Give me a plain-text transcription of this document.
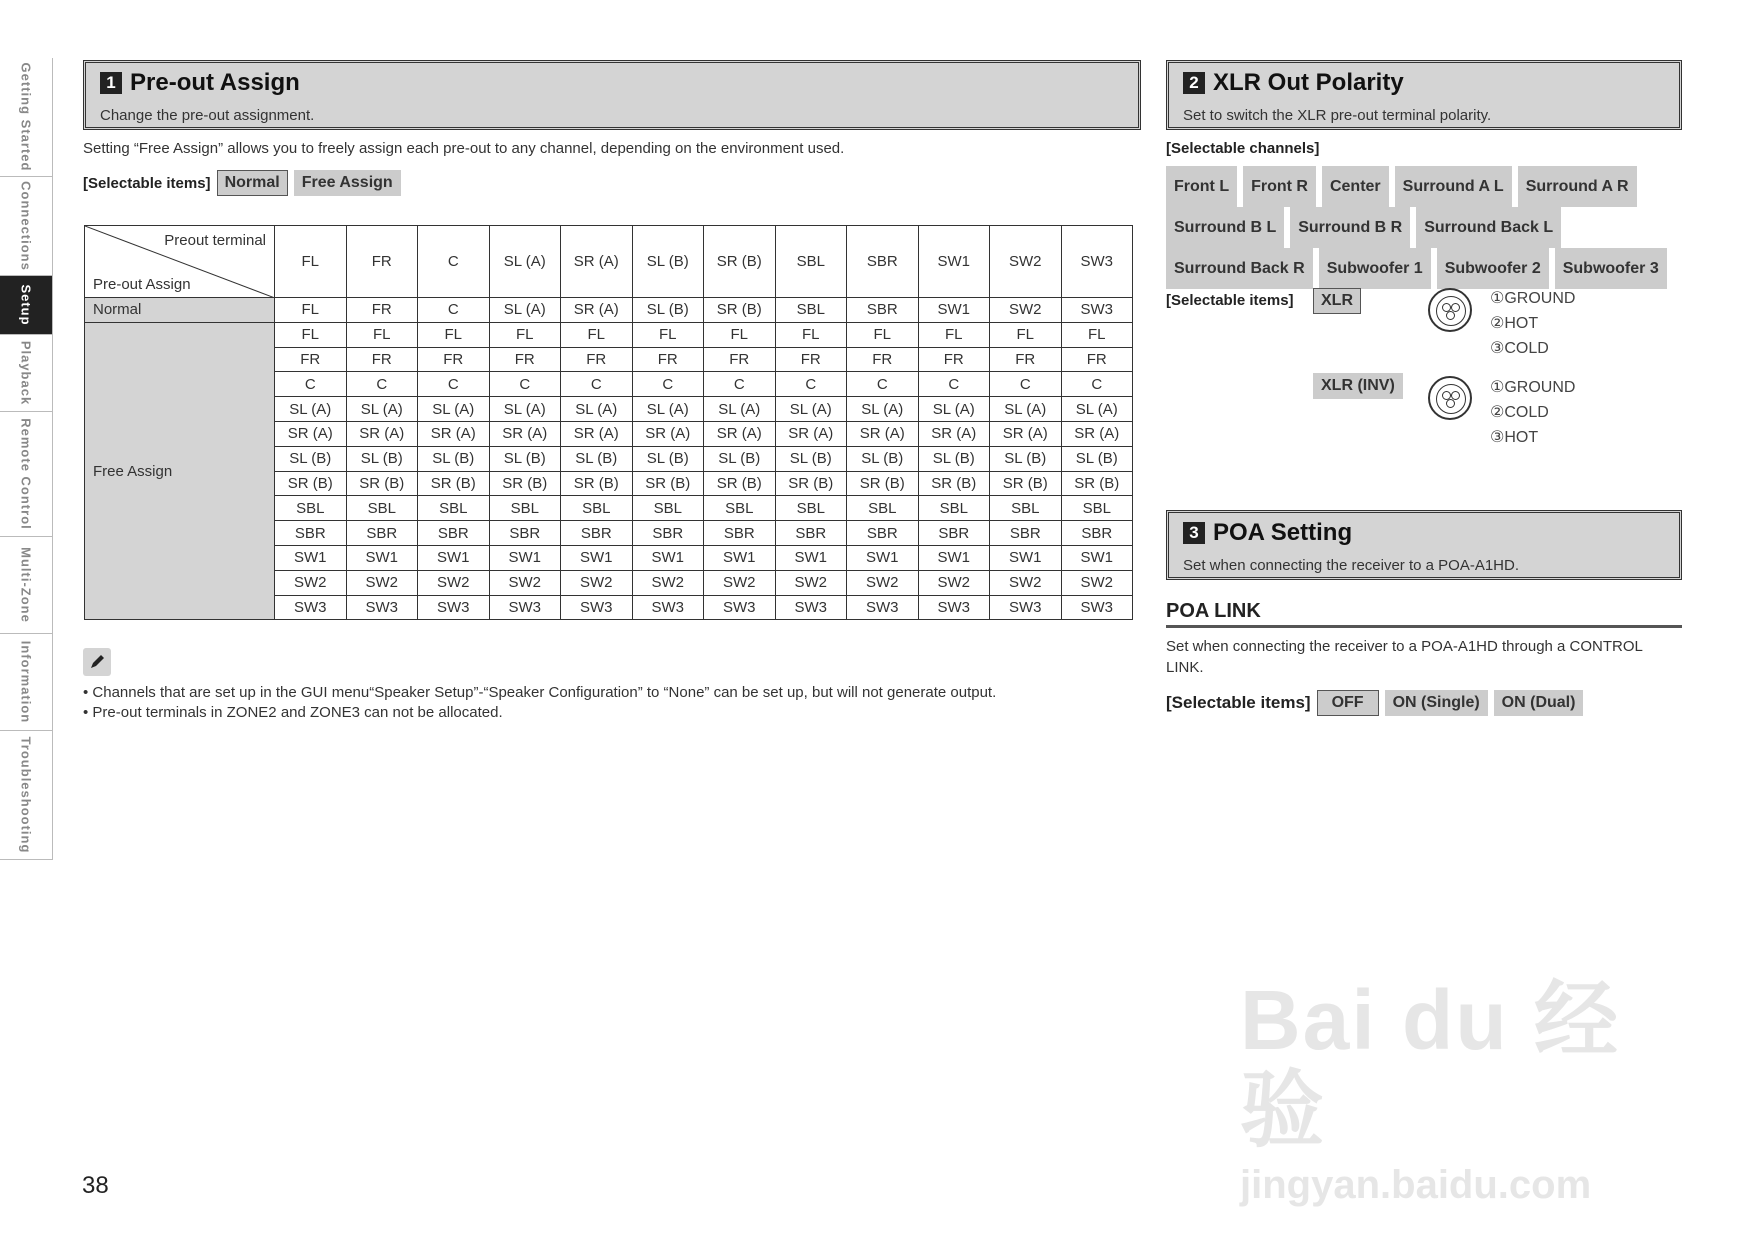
Getting Started
Connections
Setup
Playback
Remote Control
Multi-Zone
Information
Troubleshooting
1 Pre-out Assign
Change the pre-out assignment.
Setting “Free Assign” allows you to freely assign each pre-out to any channel, depending on the environment used.
[Selectable items] Normal	Free Assign
Preout terminal
Pre-out Assign	FL	FR	C	SL (A)	SR (A)	SL (B)	SR (B)	SBL	SBR	SW1	SW2	SW3
Normal	FL	FR	C	SL (A)	SR (A)	SL (B)	SR (B)	SBL	SBR	SW1	SW2	SW3
Free Assign	FL	FL	FL	FL	FL	FL	FL	FL	FL	FL	FL	FL
	FR	FR	FR	FR	FR	FR	FR	FR	FR	FR	FR	FR
	C	C	C	C	C	C	C	C	C	C	C	C
	SL (A)	SL (A)	SL (A)	SL (A)	SL (A)	SL (A)	SL (A)	SL (A)	SL (A)	SL (A)	SL (A)	SL (A)
	SR (A)	SR (A)	SR (A)	SR (A)	SR (A)	SR (A)	SR (A)	SR (A)	SR (A)	SR (A)	SR (A)	SR (A)
	SL (B)	SL (B)	SL (B)	SL (B)	SL (B)	SL (B)	SL (B)	SL (B)	SL (B)	SL (B)	SL (B)	SL (B)
	SR (B)	SR (B)	SR (B)	SR (B)	SR (B)	SR (B)	SR (B)	SR (B)	SR (B)	SR (B)	SR (B)	SR (B)
	SBL	SBL	SBL	SBL	SBL	SBL	SBL	SBL	SBL	SBL	SBL	SBL
	SBR	SBR	SBR	SBR	SBR	SBR	SBR	SBR	SBR	SBR	SBR	SBR
	SW1	SW1	SW1	SW1	SW1	SW1	SW1	SW1	SW1	SW1	SW1	SW1
	SW2	SW2	SW2	SW2	SW2	SW2	SW2	SW2	SW2	SW2	SW2	SW2
	SW3	SW3	SW3	SW3	SW3	SW3	SW3	SW3	SW3	SW3	SW3	SW3
• Channels that are set up in the GUI menu“Speaker Setup”-“Speaker Configuration” to “None” can be set up, but will not generate output.
• Pre-out terminals in ZONE2 and ZONE3 can not be allocated.
2 XLR Out Polarity
Set to switch the XLR pre-out terminal polarity.
[Selectable channels]
Front L Front R Center Surround A L Surround A R
Surround B L Surround B R Surround Back L
Surround Back R Subwoofer 1 Subwoofer 2 Subwoofer 3
[Selectable items]	XLR	①GROUND
②HOT
③COLD
XLR (INV)	①GROUND
②COLD
③HOT
3 POA Setting
Set when connecting the receiver to a POA-A1HD.
POA LINK
Set when connecting the receiver to a POA-A1HD through a CONTROL
LINK.
[Selectable items]	OFF	ON (Single)	ON (Dual)
38
Bai du 经验
jingyan.baidu.com
